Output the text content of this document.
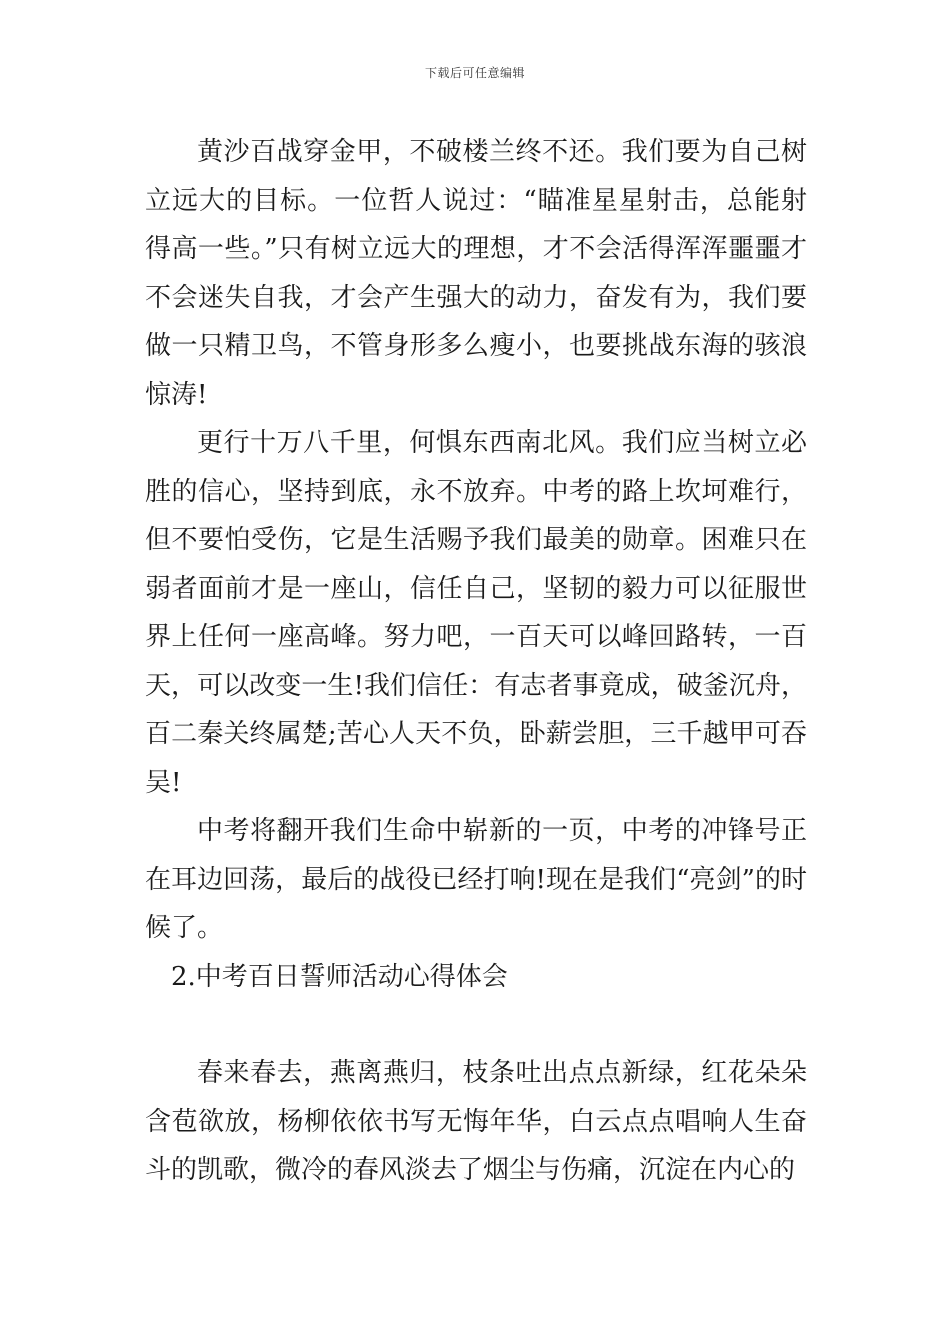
下载后可任意编辑

黄沙百战穿金甲，不破楼兰终不还。我们要为自己树立远大的目标。一位哲人说过：“瞄准星星射击，总能射得高一些。”只有树立远大的理想，才不会活得浑浑噩噩才不会迷失自我，才会产生强大的动力，奋发有为，我们要做一只精卫鸟，不管身形多么瘦小，也要挑战东海的骇浪惊涛!

更行十万八千里，何惧东西南北风。我们应当树立必胜的信心，坚持到底，永不放弃。中考的路上坎坷难行，但不要怕受伤，它是生活赐予我们最美的勋章。困难只在弱者面前才是一座山，信任自己，坚韧的毅力可以征服世界上任何一座高峰。努力吧，一百天可以峰回路转，一百天，可以改变一生!我们信任：有志者事竟成，破釜沉舟，百二秦关终属楚;苦心人天不负，卧薪尝胆，三千越甲可吞吴!

中考将翻开我们生命中崭新的一页，中考的冲锋号正在耳边回荡，最后的战役已经打响!现在是我们“亮剑”的时候了。

2.中考百日誓师活动心得体会

春来春去，燕离燕归，枝条吐出点点新绿，红花朵朵含苞欲放，杨柳依依书写无悔年华，白云点点唱响人生奋斗的凯歌，微冷的春风淡去了烟尘与伤痛，沉淀在内心的
